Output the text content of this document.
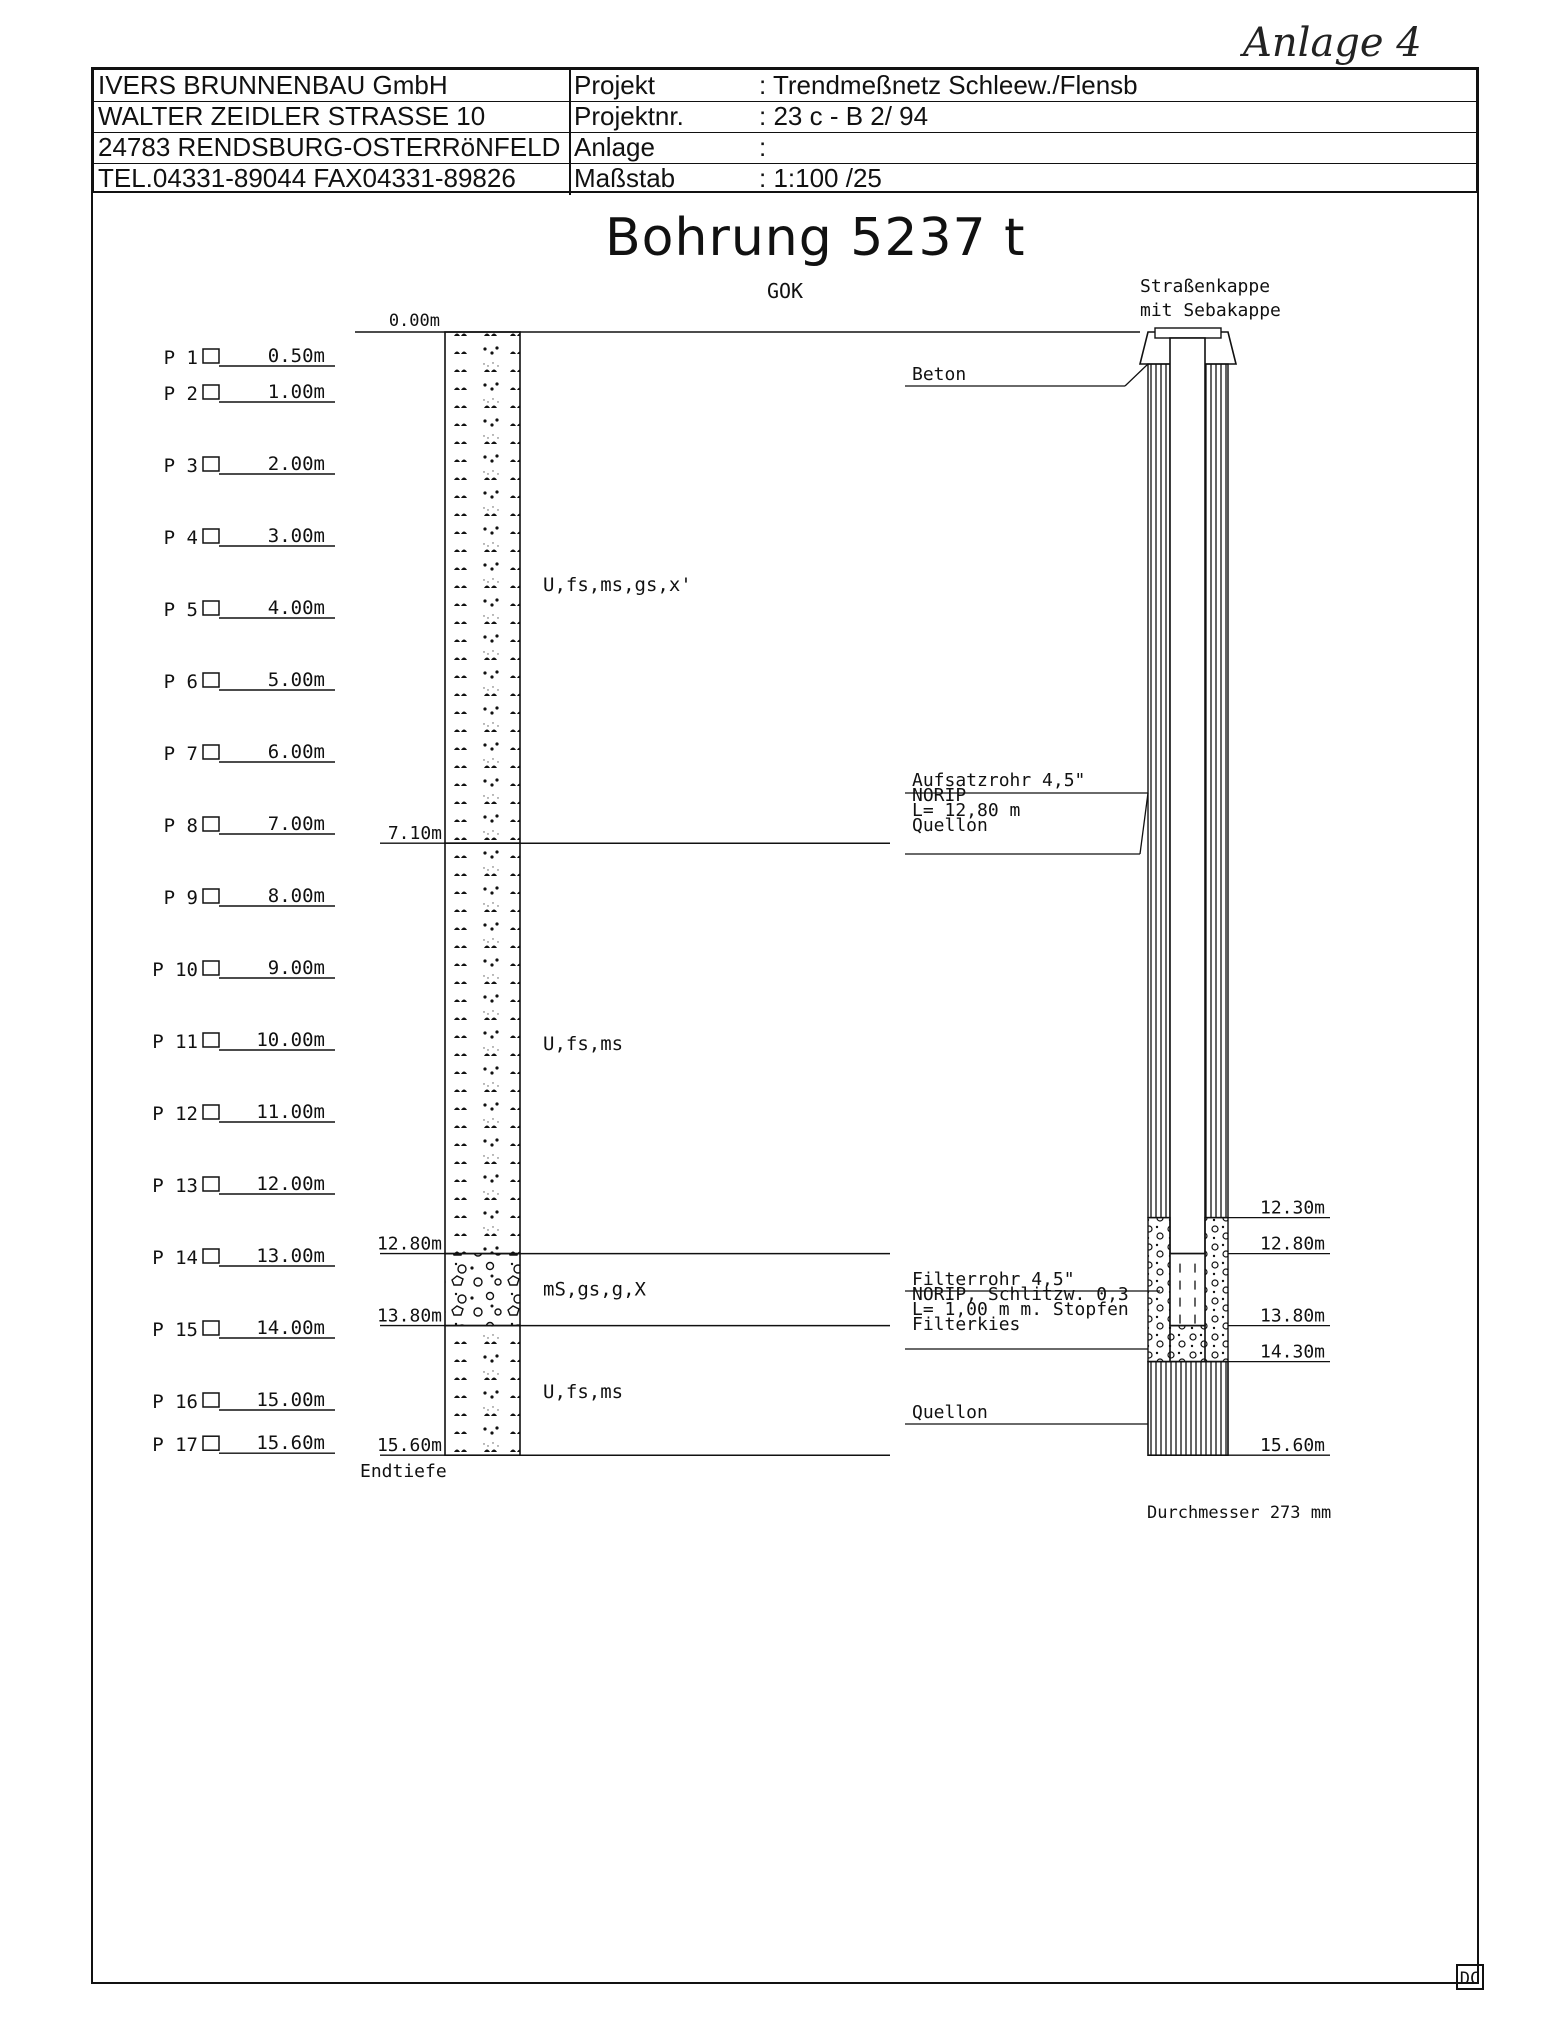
Anlage 4
IVERS BRUNNENBAU GmbH	Projekt	: Trendmeßnetz Schleew./Flensb
WALTER ZEIDLER STRASSE 10	Projektnr.	: 23 c - B 2/ 94
24783 RENDSBURG-OSTERRöNFELD Anlage	:
TEL.04331-89044 FAX04331-89826 Maßstab	: 1:100 /25
Bohrung 5237 t
GOK
0.00m
7.10m
U,fs,ms,gs,x'
12.80m
U,fs,ms
13.80m
mS,gs,g,X
15.60m
U,fs,ms
Endtiefe
P 1	0.50m
P 2	1.00m
P 3	2.00m
P 4	3.00m
P 5	4.00m
P 6	5.00m
P 7	6.00m
P 8	7.00m
P 9	8.00m
P 10	9.00m
P 11	10.00m
P 12	11.00m
P 13	12.00m
P 14	13.00m
P 15	14.00m
P 16	15.00m
P 17	15.60m
Straßenkappe
mit Sebakappe
Beton
Aufsatzrohr 4,5"
NORIP
L= 12,80 m
Quellon
Filterrohr 4,5"
NORIP, Schlitzw. 0,3
L= 1,00 m m. Stopfen
Filterkies
Quellon
12.30m
12.80m
13.80m
14.30m
15.60m
Durchmesser 273 mm
DC
